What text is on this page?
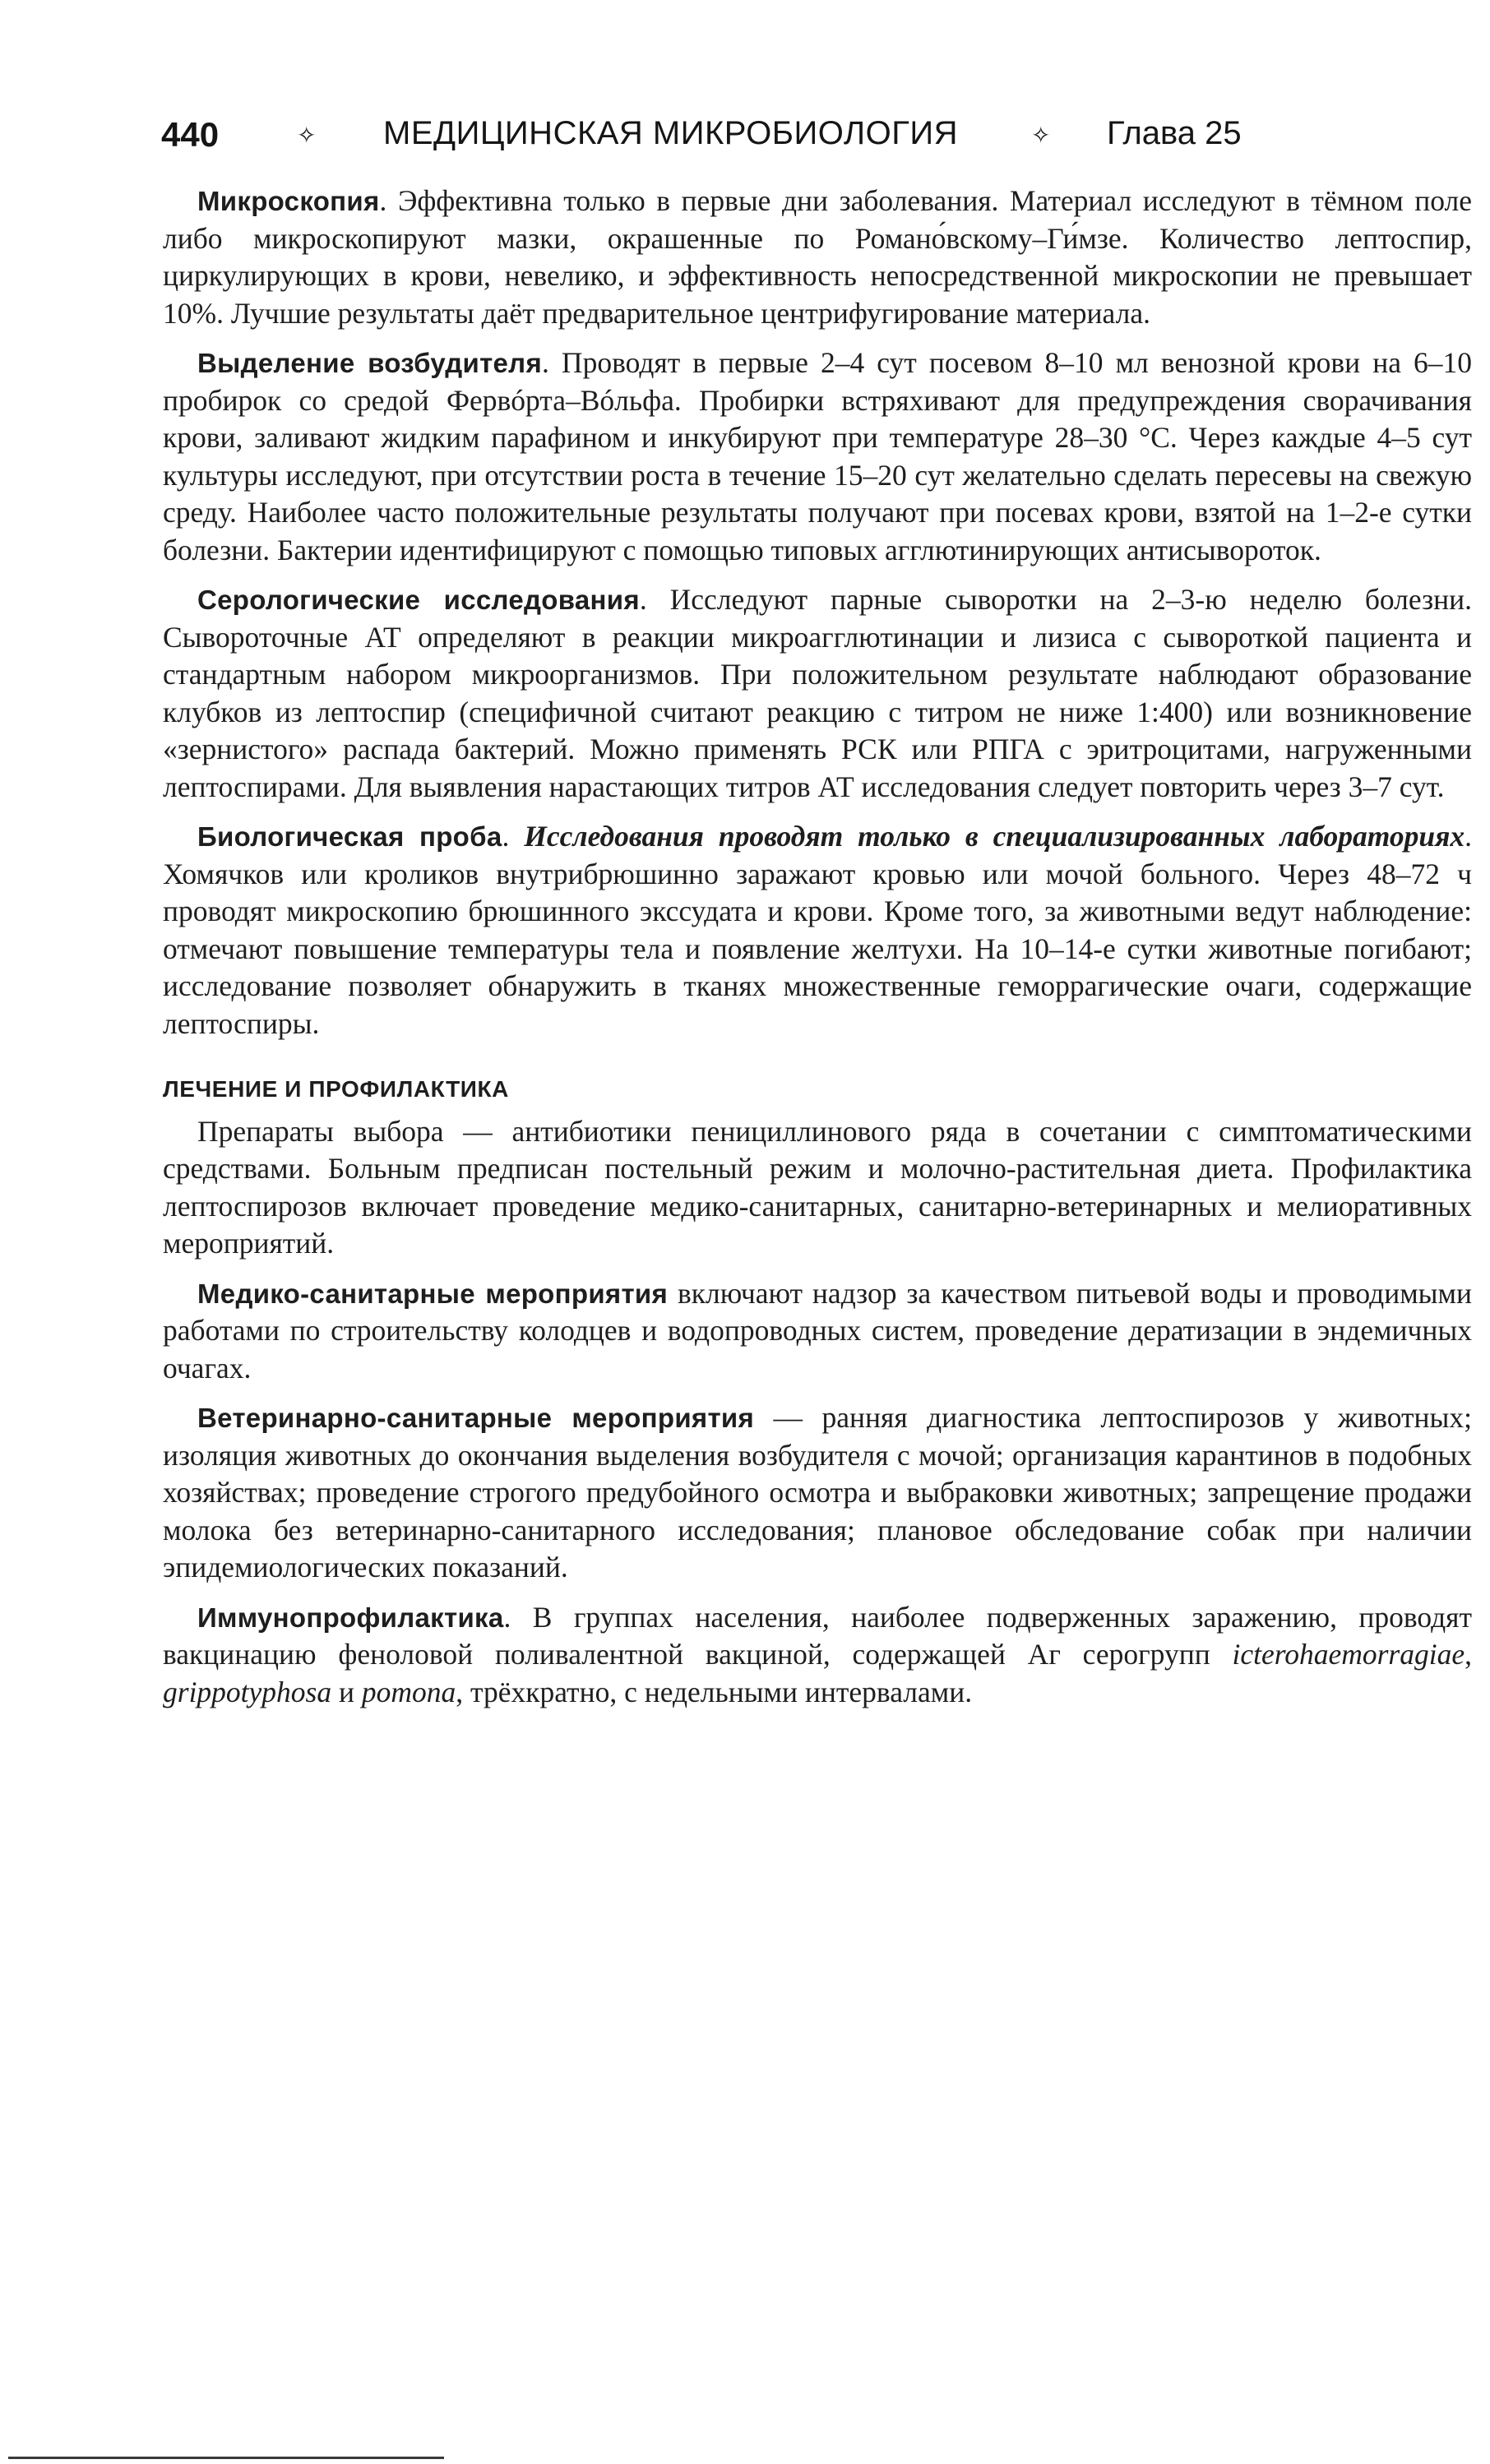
440	✧ МЕДИЦИНСКАЯ МИКРОБИОЛОГИЯ	✧ Глава 25

Микроскопия. Эффективна только в первые дни заболевания. Материал исследуют в тёмном поле либо микроскопируют мазки, окрашенные по Романо́вскому–Ги́мзе. Количество лептоспир, циркулирующих в крови, невелико, и эффективность непосредственной микроскопии не превышает 10%. Лучшие результаты даёт предварительное центрифугирование материала.

Выделение возбудителя. Проводят в первые 2–4 сут посевом 8–10 мл венозной крови на 6–10 пробирок со средой Фервóрта–Вóльфа. Пробирки встряхивают для предупреждения сворачивания крови, заливают жидким парафином и инкубируют при температуре 28–30 °С. Через каждые 4–5 сут культуры исследуют, при отсутствии роста в течение 15–20 сут желательно сделать пересевы на свежую среду. Наиболее часто положительные результаты получают при посевах крови, взятой на 1–2-е сутки болезни. Бактерии идентифицируют с помощью типовых агглютинирующих антисывороток.

Серологические исследования. Исследуют парные сыворотки на 2–3-ю неделю болезни. Сывороточные АТ определяют в реакции микроагглютинации и лизиса с сывороткой пациента и стандартным набором микроорганизмов. При положительном результате наблюдают образование клубков из лептоспир (специфичной считают реакцию с титром не ниже 1:400) или возникновение «зернистого» распада бактерий. Можно применять РСК или РПГА с эритроцитами, нагруженными лептоспирами. Для выявления нарастающих титров АТ исследования следует повторить через 3–7 сут.

Биологическая проба. Исследования проводят только в специализированных лабораториях. Хомячков или кроликов внутрибрюшинно заражают кровью или мочой больного. Через 48–72 ч проводят микроскопию брюшинного экссудата и крови. Кроме того, за животными ведут наблюдение: отмечают повышение температуры тела и появление желтухи. На 10–14-е сутки животные погибают; исследование позволяет обнаружить в тканях множественные геморрагические очаги, содержащие лептоспиры.

ЛЕЧЕНИЕ И ПРОФИЛАКТИКА

Препараты выбора — антибиотики пенициллинового ряда в сочетании с симптоматическими средствами. Больным предписан постельный режим и молочно-растительная диета. Профилактика лептоспирозов включает проведение медико-санитарных, санитарно-ветеринарных и мелиоративных мероприятий.

Медико-санитарные мероприятия включают надзор за качеством питьевой воды и проводимыми работами по строительству колодцев и водопроводных систем, проведение дератизации в эндемичных очагах.

Ветеринарно-санитарные мероприятия — ранняя диагностика лептоспирозов у животных; изоляция животных до окончания выделения возбудителя с мочой; организация карантинов в подобных хозяйствах; проведение строгого предубойного осмотра и выбраковки животных; запрещение продажи молока без ветеринарно-санитарного исследования; плановое обследование собак при наличии эпидемиологических показаний.

Иммунопрофилактика. В группах населения, наиболее подверженных заражению, проводят вакцинацию феноловой поливалентной вакциной, содержащей Аг серогрупп icterohaemorragiae, grippotyphosa и pomona, трёхкратно, с недельными интервалами.
